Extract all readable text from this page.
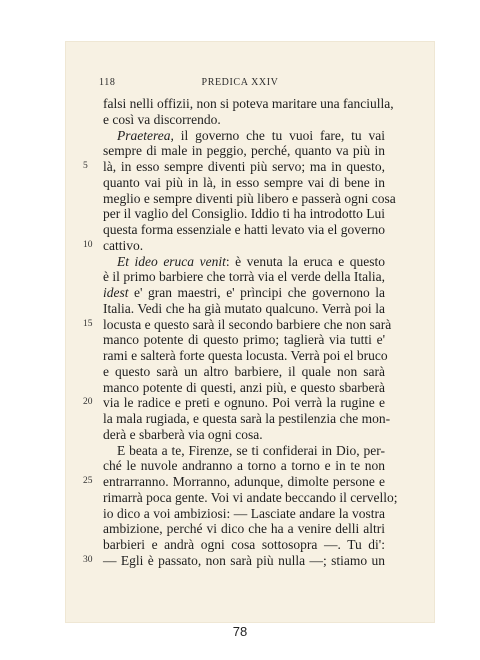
118	PREDICA XXIV
falsi nelli offizii, non si poteva maritare una fanciulla,
e così va discorrendo.
Praeterea, il governo che tu vuoi fare, tu vai
sempre di male in peggio, perché, quanto va più in
5 là, in esso sempre diventi più servo; ma in questo,
quanto vai più in là, in esso sempre vai di bene in
meglio e sempre diventi più libero e passerà ogni cosa
per il vaglio del Consiglio. Iddio ti ha introdotto Lui
questa forma essenziale e hatti levato via el governo
10 cattivo.
Et ideo eruca venit: è venuta la eruca e questo
è il primo barbiere che torrà via el verde della Italia,
idest e' gran maestri, e' prìncipi che governono la
Italia. Vedi che ha già mutato qualcuno. Verrà poi la
15 locusta e questo sarà il secondo barbiere che non sarà
manco potente di questo primo; taglierà via tutti e'
rami e salterà forte questa locusta. Verrà poi el bruco
e questo sarà un altro barbiere, il quale non sarà
manco potente di questi, anzi più, e questo sbarberà
20 via le radice e preti e ognuno. Poi verrà la rugine e
la mala rugiada, e questa sarà la pestilenzia che mon-
derà e sbarberà via ogni cosa.
E beata a te, Firenze, se ti confiderai in Dio, per-
ché le nuvole andranno a torno a torno e in te non
25 entrarranno. Morranno, adunque, dimolte persone e
rimarrà poca gente. Voi vi andate beccando il cervello;
io dico a voi ambiziosi: — Lasciate andare la vostra
ambizione, perché vi dico che ha a venire delli altri
barbieri e andrà ogni cosa sottosopra —. Tu di':
30 — Egli è passato, non sarà più nulla —; stiamo un
78
